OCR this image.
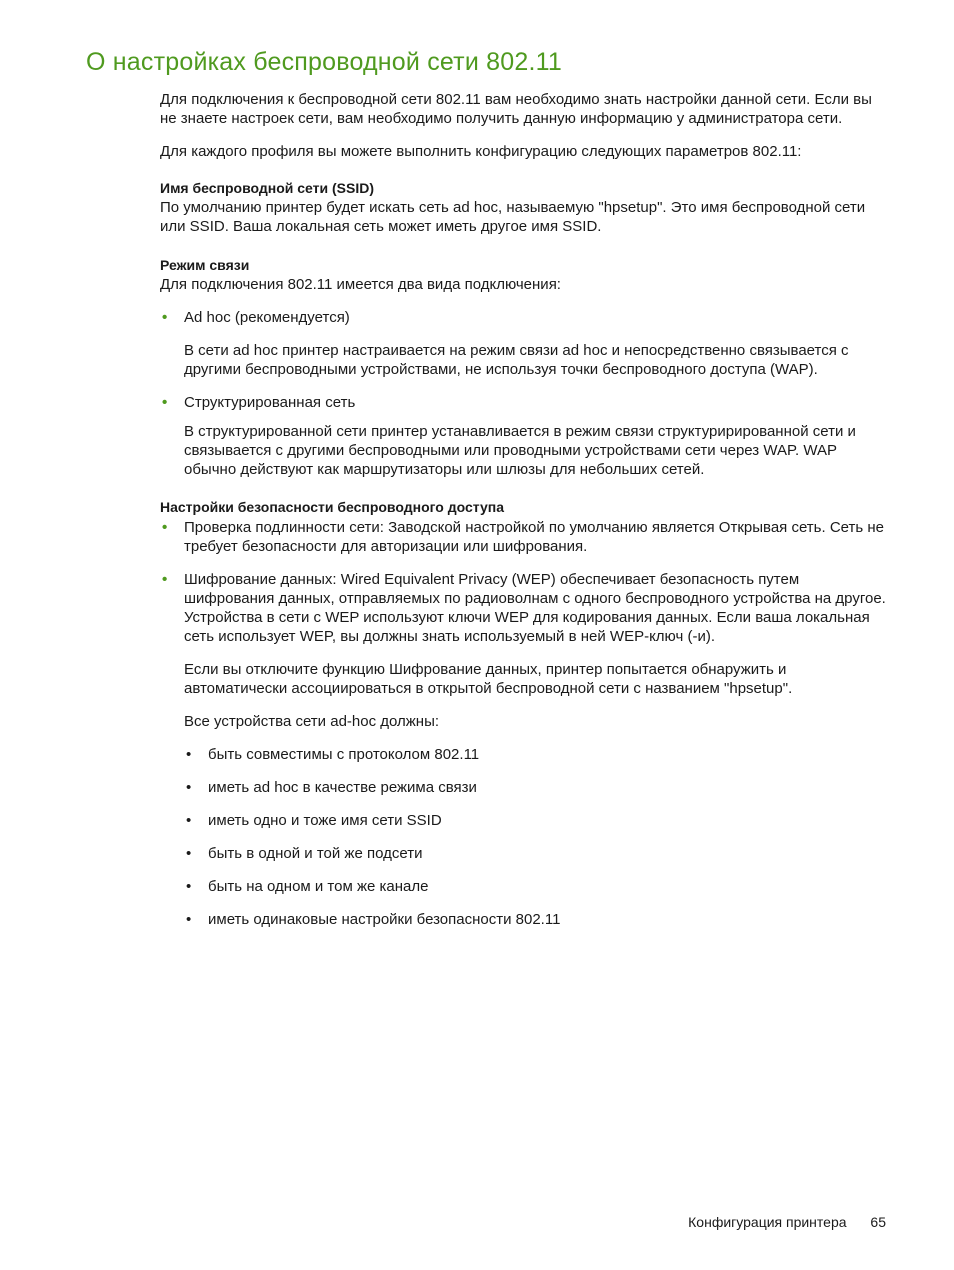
О настройках беспроводной сети 802.11

Для подключения к беспроводной сети 802.11 вам необходимо знать настройки данной сети. Если вы не знаете настроек сети, вам необходимо получить данную информацию у администратора сети.

Для каждого профиля вы можете выполнить конфигурацию следующих параметров 802.11:

Имя беспроводной сети (SSID)

По умолчанию принтер будет искать сеть ad hoc, называемую "hpsetup". Это имя беспроводной сети или SSID. Ваша локальная сеть может иметь другое имя SSID.

Режим связи

Для подключения 802.11 имеется два вида подключения:

• Ad hoc (рекомендуется)

В сети ad hoc принтер настраивается на режим связи ad hoc и непосредственно связывается с другими беспроводными устройствами, не используя точки беспроводного доступа (WAP).

• Структурированная сеть

В структурированной сети принтер устанавливается в режим связи структурирированной сети и связывается с другими беспроводными или проводными устройствами сети через WAP. WAP обычно действуют как маршрутизаторы или шлюзы для небольших сетей.

Настройки безопасности беспроводного доступа

• Проверка подлинности сети: Заводской настройкой по умолчанию является Открывая сеть. Сеть не требует безопасности для авторизации или шифрования.
• Шифрование данных: Wired Equivalent Privacy (WEP) обеспечивает безопасность путем шифрования данных, отправляемых по радиоволнам с одного беспроводного устройства на другое. Устройства в сети с WEP используют ключи WEP для кодирования данных. Если ваша локальная сеть использует WEP, вы должны знать используемый в ней WEP-ключ (-и).

Если вы отключите функцию Шифрование данных, принтер попытается обнаружить и автоматически ассоциироваться в открытой беспроводной сети с названием "hpsetup".

Все устройства сети ad-hoc должны:

• быть совместимы с протоколом 802.11
• иметь ad hoc в качестве режима связи
• иметь одно и тоже имя сети SSID
• быть в одной и той же подсети
• быть на одном и том же канале
• иметь одинаковые настройки безопасности 802.11
Конфигурация принтера 65
